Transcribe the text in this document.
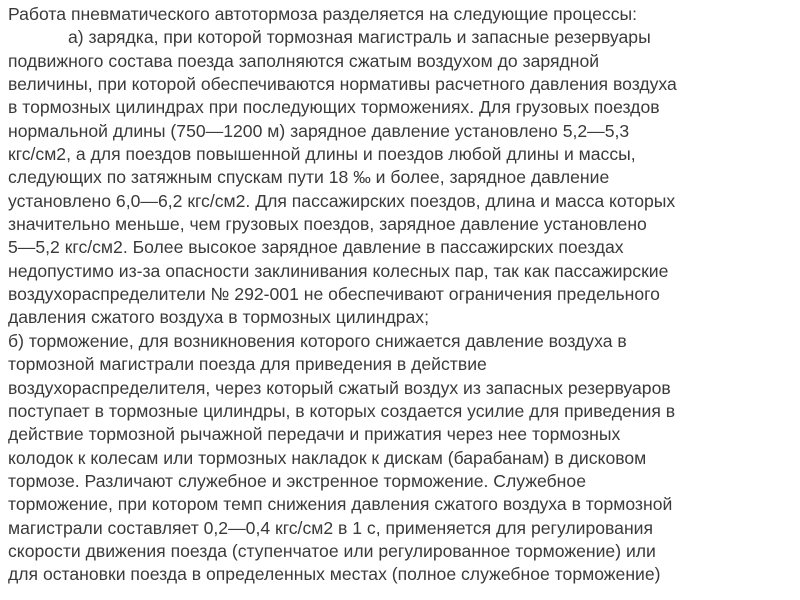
Работа пневматического автотормоза разделяется на следующие процессы:
а) зарядка, при которой тормозная магистраль и запасные резервуары
подвижного состава поезда заполняются сжатым воздухом до зарядной
величины, при которой обеспечиваются нормативы расчетного давления воздуха
в тормозных цилиндрах при последующих торможениях. Для грузовых поездов
нормальной длины (750—1200 м) зарядное давление установлено 5,2—5,3
кгс/см2, а для поездов повышенной длины и поездов любой длины и массы,
следующих по затяжным спускам пути 18 ‰ и более, зарядное давление
установлено 6,0—6,2 кгс/см2. Для пассажирских поездов, длина и масса которых
значительно меньше, чем грузовых поездов, зарядное давление установлено
5—5,2 кгс/см2. Более высокое зарядное давление в пассажирских поездах
недопустимо из-за опасности заклинивания колесных пар, так как пассажирские
воздухораспределители № 292-001 не обеспечивают ограничения предельного
давления сжатого воздуха в тормозных цилиндрах;
б) торможение, для возникновения которого снижается давление воздуха в
тормозной магистрали поезда для приведения в действие
воздухораспределителя, через который сжатый воздух из запасных резервуаров
поступает в тормозные цилиндры, в которых создается усилие для приведения в
действие тормозной рычажной передачи и прижатия через нее тормозных
колодок к колесам или тормозных накладок к дискам (барабанам) в дисковом
тормозе. Различают служебное и экстренное торможение. Служебное
торможение, при котором темп снижения давления сжатого воздуха в тормозной
магистрали составляет 0,2—0,4 кгс/см2 в 1 с, применяется для регулирования
скорости движения поезда (ступенчатое или регулированное торможение) или
для остановки поезда в определенных местах (полное служебное торможение)
